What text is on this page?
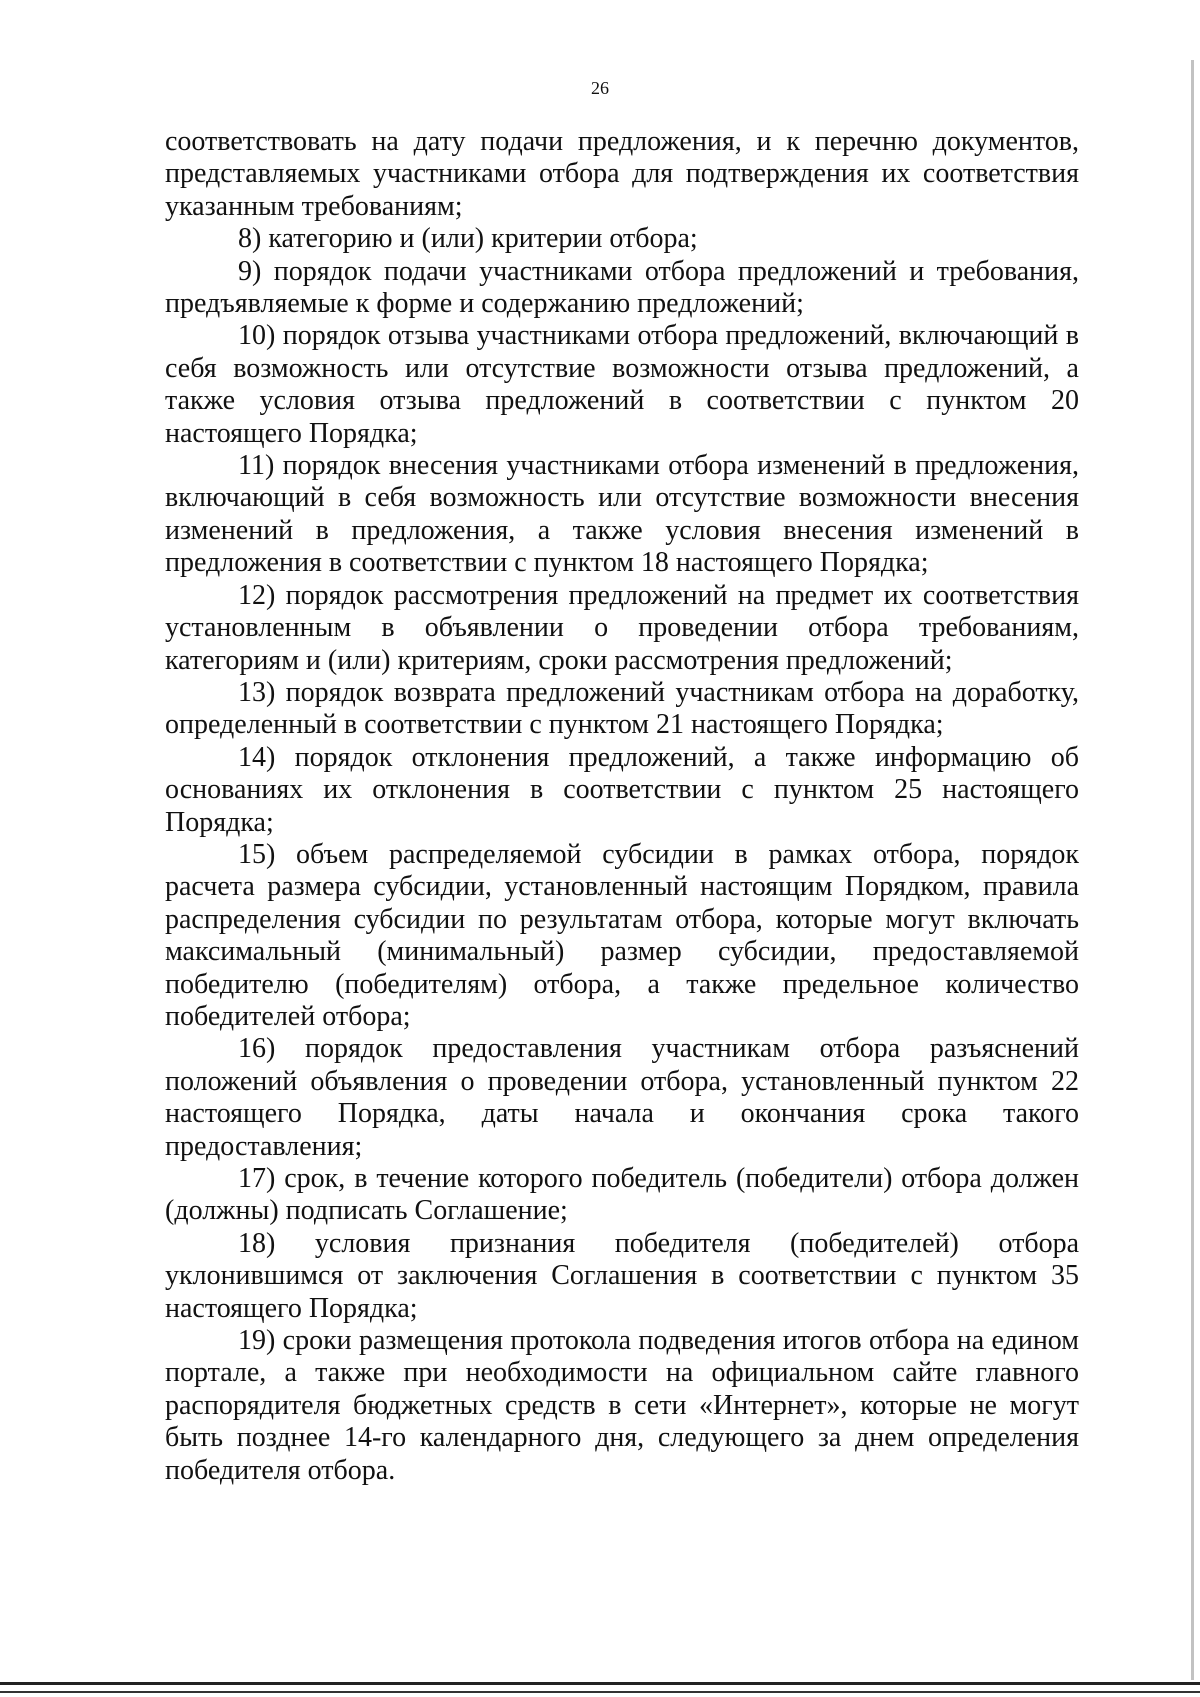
26

соответствовать на дату подачи предложения, и к перечню документов, представляемых участниками отбора для подтверждения их соответствия указанным требованиям;

8) категорию и (или) критерии отбора;

9) порядок подачи участниками отбора предложений и требования, предъявляемые к форме и содержанию предложений;

10) порядок отзыва участниками отбора предложений, включающий в себя возможность или отсутствие возможности отзыва предложений, а также условия отзыва предложений в соответствии с пунктом 20 настоящего Порядка;

11) порядок внесения участниками отбора изменений в предложения, включающий в себя возможность или отсутствие возможности внесения изменений в предложения, а также условия внесения изменений в предложения в соответствии с пунктом 18 настоящего Порядка;

12) порядок рассмотрения предложений на предмет их соответствия установленным в объявлении о проведении отбора требованиям, категориям и (или) критериям, сроки рассмотрения предложений;

13) порядок возврата предложений участникам отбора на доработку, определенный в соответствии с пунктом 21 настоящего Порядка;

14) порядок отклонения предложений, а также информацию об основаниях их отклонения в соответствии с пунктом 25 настоящего Порядка;

15) объем распределяемой субсидии в рамках отбора, порядок расчета размера субсидии, установленный настоящим Порядком, правила распределения субсидии по результатам отбора, которые могут включать максимальный (минимальный) размер субсидии, предоставляемой победителю (победителям) отбора, а также предельное количество победителей отбора;

16) порядок предоставления участникам отбора разъяснений положений объявления о проведении отбора, установленный пунктом 22 настоящего Порядка, даты начала и окончания срока такого предоставления;

17) срок, в течение которого победитель (победители) отбора должен (должны) подписать Соглашение;

18) условия признания победителя (победителей) отбора уклонившимся от заключения Соглашения в соответствии с пунктом 35 настоящего Порядка;

19) сроки размещения протокола подведения итогов отбора на едином портале, а также при необходимости на официальном сайте главного распорядителя бюджетных средств в сети «Интернет», которые не могут быть позднее 14-го календарного дня, следующего за днем определения победителя отбора.
